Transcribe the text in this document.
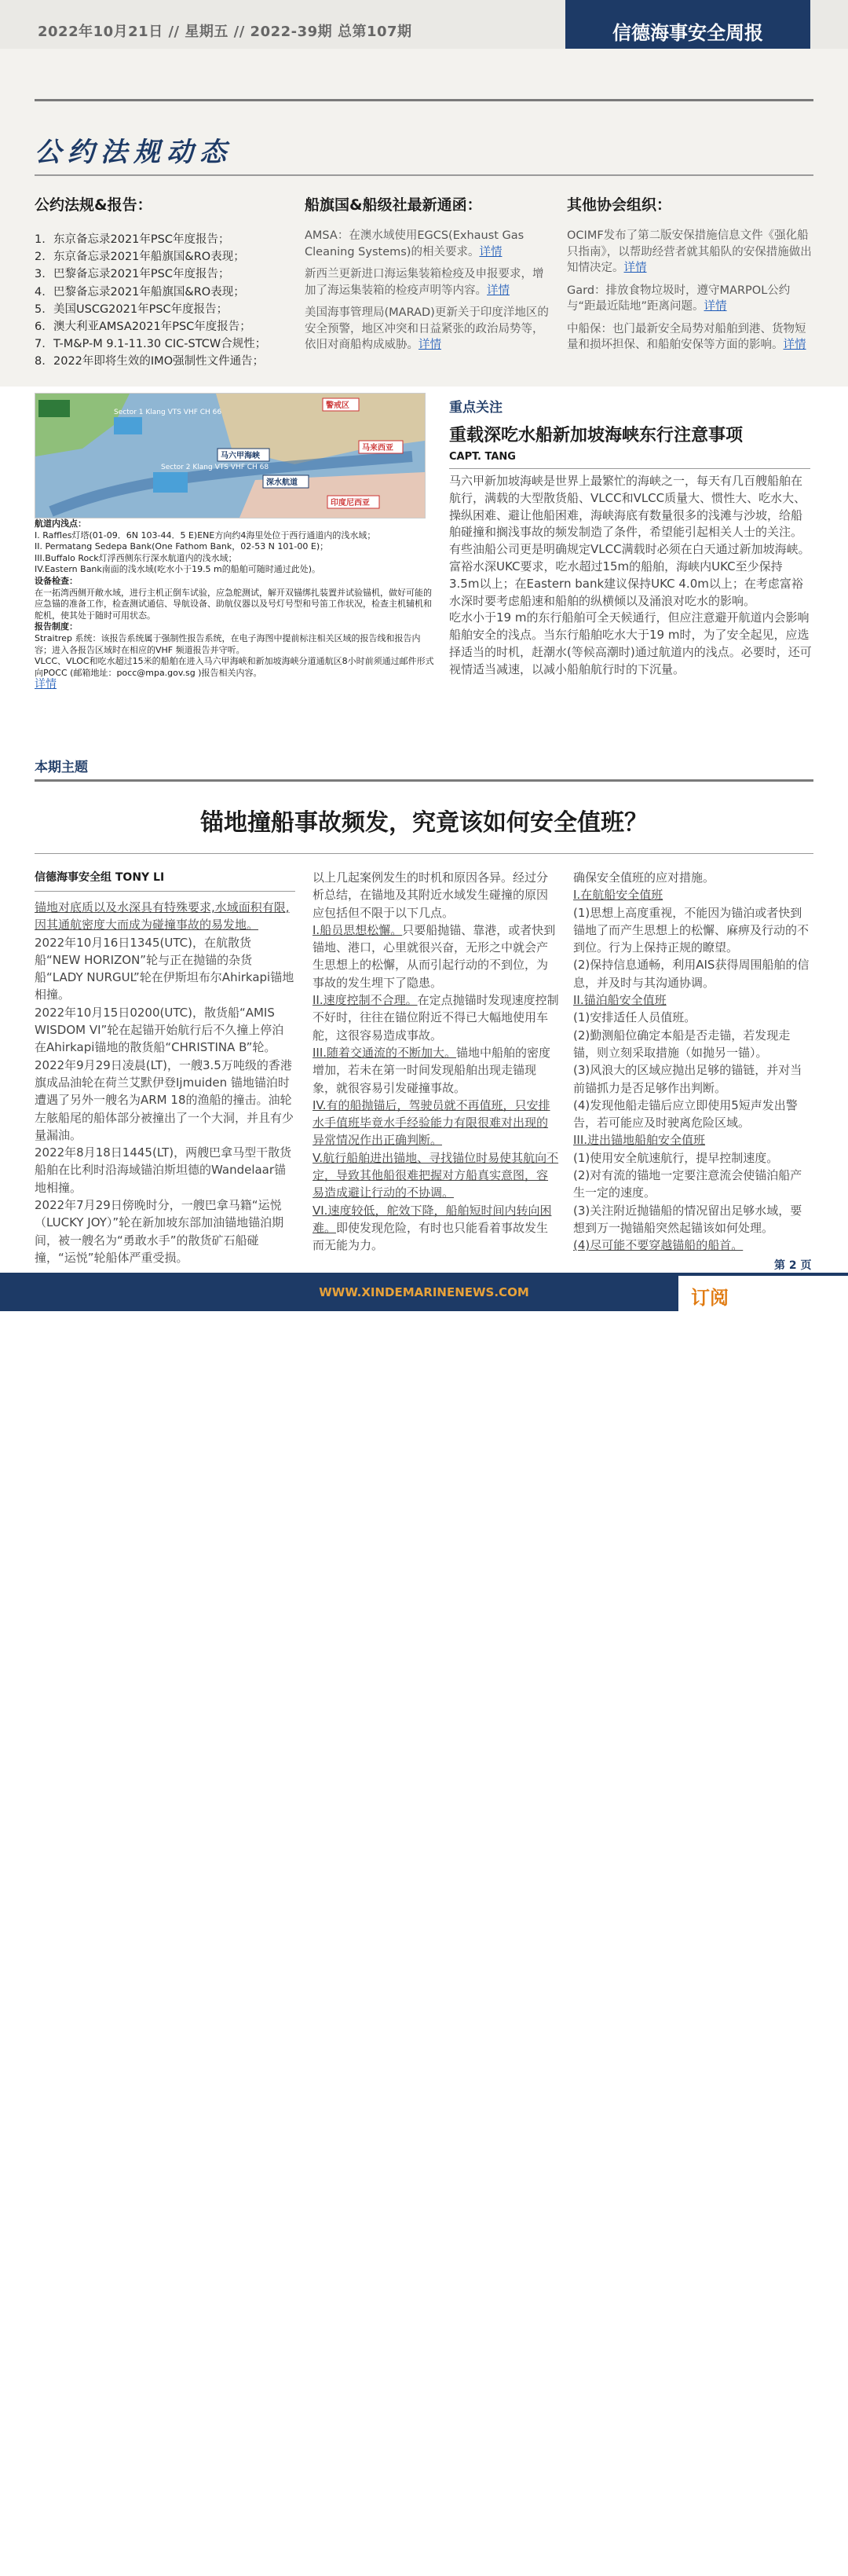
2022年10月21日 // 星期五 // 2022-39期 总第107期	信德海事安全周报
公约法规动态
公约法规&报告：	船旗国&船级社最新通函：	其他协会组织：
1. 东京备忘录2021年PSC年度报告；
2. 东京备忘录2021年船旗国&RO表现；
3. 巴黎备忘录2021年PSC年度报告；
4. 巴黎备忘录2021年船旗国&RO表现；
5. 美国USCG2021年PSC年度报告；
6. 澳大利亚AMSA2021年PSC年度报告；
7. T-M&P-M 9.1-11.30 CIC-STCW合规性；
8. 2022年即将生效的IMO强制性文件通告；

AMSA：在澳水域使用EGCS(Exhaust Gas Cleaning Systems)的相关要求。详情

新西兰更新进口海运集装箱检疫及申报要求，增加了海运集装箱的检疫声明等内容。详情

美国海事管理局(MARAD)更新关于印度洋地区的安全预警，地区冲突和日益紧张的政治局势等，依旧对商船构成威胁。详情

OCIMF发布了第二版安保措施信息文件《强化船只指南》，以帮助经营者就其船队的安保措施做出知情决定。详情

Gard：排放食物垃圾时，遵守MARPOL公约与“距最近陆地”距离问题。详情

中船保：也门最新安全局势对船舶到港、货物短量和损坏担保、和船舶安保等方面的影响。详情

Sector 1 Klang VTS VHF CH 66
Sector 2 Klang VTS VHF CH 68
马六甲海峡
深水航道
马来西亚
印度尼西亚
警戒区

航道内浅点：

I. Raffles灯塔(01-09．6N 103-44．5 E)ENE方向约4海里处位于西行通道内的浅水域；

II. Permatang Sedepa Bank(One Fathom Bank，02-53 N 101-00 E)；

III.Buffalo Rock灯浮西侧东行深水航道内的浅水域；

IV.Eastern Bank南面的浅水域(吃水小于19.5 m的船舶可随时通过此处)。

设备检查：

在一拓湾西侧开敞水域，进行主机正倒车试验，应急舵测试，解开双锚绑扎装置并试验锚机，做好可能的应急锚的准备工作，检查测试通信、导航设备、助航仪器以及号灯号型和号笛工作状况，检查主机辅机和舵机，使其处于随时可用状态。

报告制度：

Straitrep 系统：该报告系统属于强制性报告系统，在电子海图中提前标注相关区域的报告线和报告内容；进入各报告区域时在相应的VHF 频道报告并守听。

VLCC、VLOC和吃水超过15米的船舶在进入马六甲海峡和新加坡海峡分道通航区8小时前须通过邮件形式向POCC (邮箱地址：pocc@mpa.gov.sg )报告相关内容。

详情

重点关注
重载深吃水船新加坡海峡东行注意事项
CAPT. TANG

马六甲新加坡海峡是世界上最繁忙的海峡之一，每天有几百艘船舶在航行，满载的大型散货船、VLCC和VLCC质量大、惯性大、吃水大、操纵困难、避让他船困难，海峡海底有数量很多的浅滩与沙坡，给船舶碰撞和搁浅事故的频发制造了条件，希望能引起相关人士的关注。

有些油船公司更是明确规定VLCC满载时必须在白天通过新加坡海峡。

富裕水深UKC要求，吃水超过15m的船舶，海峡内UKC至少保持3.5m以上；在Eastern bank建议保持UKC 4.0m以上；在考虑富裕水深时要考虑船速和船舶的纵横倾以及涌浪对吃水的影响。

吃水小于19 m的东行船舶可全天候通行，但应注意避开航道内会影响船舶安全的浅点。当东行船舶吃水大于19 m时，为了安全起见，应选择适当的时机，赶潮水(等候高潮时)通过航道内的浅点。必要时，还可视情适当减速，以减小船舶航行时的下沉量。

本期主题
锚地撞船事故频发，究竟该如何安全值班？
信德海事安全组 TONY LI

锚地对底质以及水深具有特殊要求,水域面积有限,因其通航密度大而成为碰撞事故的易发地。

2022年10月16日1345(UTC)，在航散货船“NEW HORIZON”轮与正在抛锚的杂货船“LADY NURGUL”轮在伊斯坦布尔Ahirkapi锚地相撞。

2022年10月15日0200(UTC)，散货船“AMIS WISDOM VI”轮在起锚开始航行后不久撞上停泊在Ahirkapi锚地的散货船“CHRISTINA B”轮。

2022年9月29日凌晨(LT)，一艘3.5万吨级的香港旗成品油轮在荷兰艾默伊登Ijmuiden 锚地锚泊时遭遇了另外一艘名为ARM 18的渔船的撞击。油轮左舷船尾的船体部分被撞出了一个大洞，并且有少量漏油。

2022年8月18日1445(LT)，两艘巴拿马型干散货船舶在比利时沿海域锚泊斯坦德的Wandelaar锚地相撞。

2022年7月29日傍晚时分，一艘巴拿马籍“运悦（LUCKY JOY）”轮在新加坡东部加油锚地锚泊期间，被一艘名为“勇敢水手”的散货矿石船碰撞，“运悦”轮船体严重受损。

以上几起案例发生的时机和原因各异。经过分析总结，在锚地及其附近水域发生碰撞的原因应包括但不限于以下几点。

I.船员思想松懈。只要船抛锚、靠港，或者快到锚地、港口，心里就很兴奋，无形之中就会产生思想上的松懈，从而引起行动的不到位，为事故的发生埋下了隐患。

II.速度控制不合理。在定点抛锚时发现速度控制不好时，往往在锚位附近不得已大幅地使用车舵，这很容易造成事故。

III.随着交通流的不断加大。锚地中船舶的密度增加，若未在第一时间发现船舶出现走锚现象，就很容易引发碰撞事故。

IV.有的船抛锚后，驾驶员就不再值班，只安排水手值班毕竟水手经验能力有限很难对出现的异常情况作出正确判断。

V.航行船舶进出锚地、寻找锚位时易使其航向不定，导致其他船很难把握对方船真实意图，容易造成避让行动的不协调。

VI.速度较低，舵效下降，船舶短时间内转向困难。即使发现危险，有时也只能看着事故发生而无能为力。

确保安全值班的应对措施。

I.在航船安全值班

(1)思想上高度重视，不能因为锚泊或者快到锚地了而产生思想上的松懈、麻痹及行动的不到位。行为上保持正规的瞭望。

(2)保持信息通畅，利用AIS获得周围船舶的信息，并及时与其沟通协调。

II.锚泊船安全值班

(1)安排适任人员值班。

(2)勤测船位确定本船是否走锚，若发现走锚，则立刻采取措施（如抛另一锚）。

(3)风浪大的区域应抛出足够的锚链，并对当前锚抓力是否足够作出判断。

(4)发现他船走锚后应立即使用5短声发出警告，若可能应及时驶离危险区域。

III.进出锚地船舶安全值班

(1)使用安全航速航行，提早控制速度。

(2)对有流的锚地一定要注意流会使锚泊船产生一定的速度。

(3)关注附近抛锚船的情况留出足够水域，要想到万一抛锚船突然起锚该如何处理。

(4)尽可能不要穿越锚船的船首。

第 2 页
WWW.XINDEMARINENEWS.COM
大数跨境
订阅
